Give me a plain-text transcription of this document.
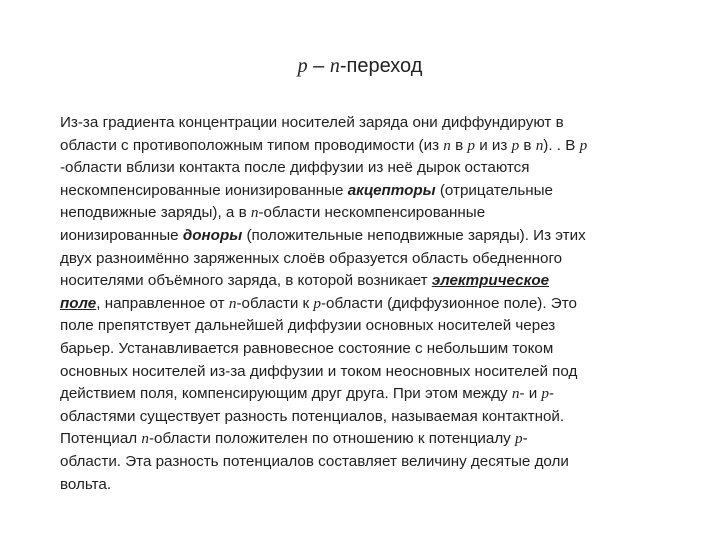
p – n-переход
Из-за градиента концентрации носителей заряда они диффундируют в
области с противоположным типом проводимости (из n в p и из p в n). . В p
-области вблизи контакта после диффузии из неё дырок остаются
нескомпенсированные ионизированные акцепторы (отрицательные
неподвижные заряды), а в n-области нескомпенсированные
ионизированные доноры (положительные неподвижные заряды). Из этих
двух разноимённо заряженных слоёв образуется область обедненного
носителями объёмного заряда, в которой возникает электрическое
поле, направленное от n-области к p-области (диффузионное поле). Это
поле препятствует дальнейшей диффузии основных носителей через
барьер. Устанавливается равновесное состояние с небольшим током
основных носителей из-за диффузии и током неосновных носителей под
действием поля, компенсирующим друг друга. При этом между n- и p-
областями существует разность потенциалов, называемая контактной.
Потенциал n-области положителен по отношению к потенциалу p-
области. Эта разность потенциалов составляет величину десятые доли
вольта.
